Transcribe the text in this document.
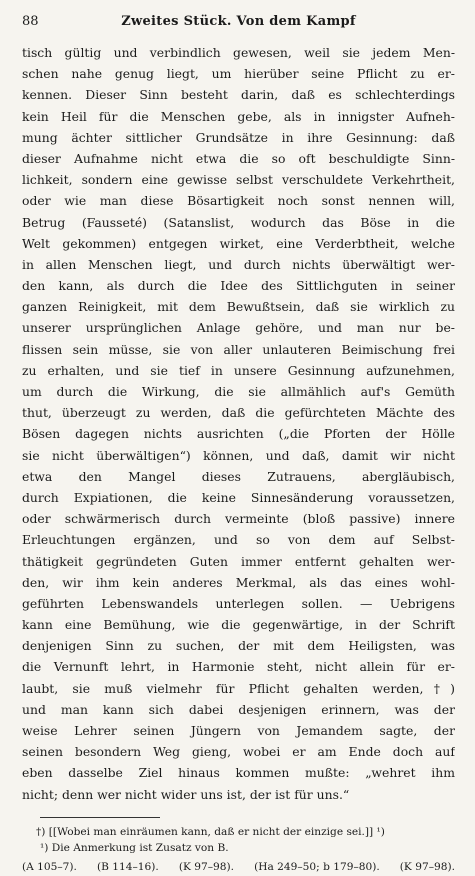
88	Zweites Stück. Von dem Kampf
tisch gültig und verbindlich gewesen, weil sie jedem Men-
schen nahe genug liegt, um hierüber seine Pflicht zu er-
kennen. Dieser Sinn besteht darin, daß es schlechterdings
kein Heil für die Menschen gebe, als in innigster Aufneh-
mung ächter sittlicher Grundsätze in ihre Gesinnung: daß
dieser Aufnahme nicht etwa die so oft beschuldigte Sinn-
lichkeit, sondern eine gewisse selbst verschuldete Verkehrtheit,
oder wie man diese Bösartigkeit noch sonst nennen will,
Betrug (Fausseté) (Satanslist, wodurch das Böse in die
Welt gekommen) entgegen wirket, eine Verderbtheit, welche
in allen Menschen liegt, und durch nichts überwältigt wer-
den kann, als durch die Idee des Sittlichguten in seiner
ganzen Reinigkeit, mit dem Bewußtsein, daß sie wirklich zu
unserer ursprünglichen Anlage gehöre, und man nur be-
flissen sein müsse, sie von aller unlauteren Beimischung frei
zu erhalten, und sie tief in unsere Gesinnung aufzunehmen,
um durch die Wirkung, die sie allmählich auf's Gemüth
thut, überzeugt zu werden, daß die gefürchteten Mächte des
Bösen dagegen nichts ausrichten („die Pforten der Hölle
sie nicht überwältigen“) können, und daß, damit wir nicht
etwa den Mangel dieses Zutrauens, abergläubisch,
durch Expiationen, die keine Sinnesänderung voraussetzen,
oder schwärmerisch durch vermeinte (bloß passive) innere
Erleuchtungen ergänzen, und so von dem auf Selbst-
thätigkeit gegründeten Guten immer entfernt gehalten wer-
den, wir ihm kein anderes Merkmal, als das eines wohl-
geführten Lebenswandels unterlegen sollen. — Uebrigens
kann eine Bemühung, wie die gegenwärtige, in der Schrift
denjenigen Sinn zu suchen, der mit dem Heiligsten, was
die Vernunft lehrt, in Harmonie steht, nicht allein für er-
laubt, sie muß vielmehr für Pflicht gehalten werden,†)
und man kann sich dabei desjenigen erinnern, was der
weise Lehrer seinen Jüngern von Jemandem sagte, der
seinen besondern Weg gieng, wobei er am Ende doch auf
eben dasselbe Ziel hinaus kommen mußte: „wehret ihm
nicht; denn wer nicht wider uns ist, der ist für uns.“
†) [[Wobei man einräumen kann, daß er nicht der einzige sei.]] ¹)
¹) Die Anmerkung ist Zusatz von B.
(A 105–7). (B 114–16). (K 97–98). (Ha 249–50; b 179–80). (K 97–98).
